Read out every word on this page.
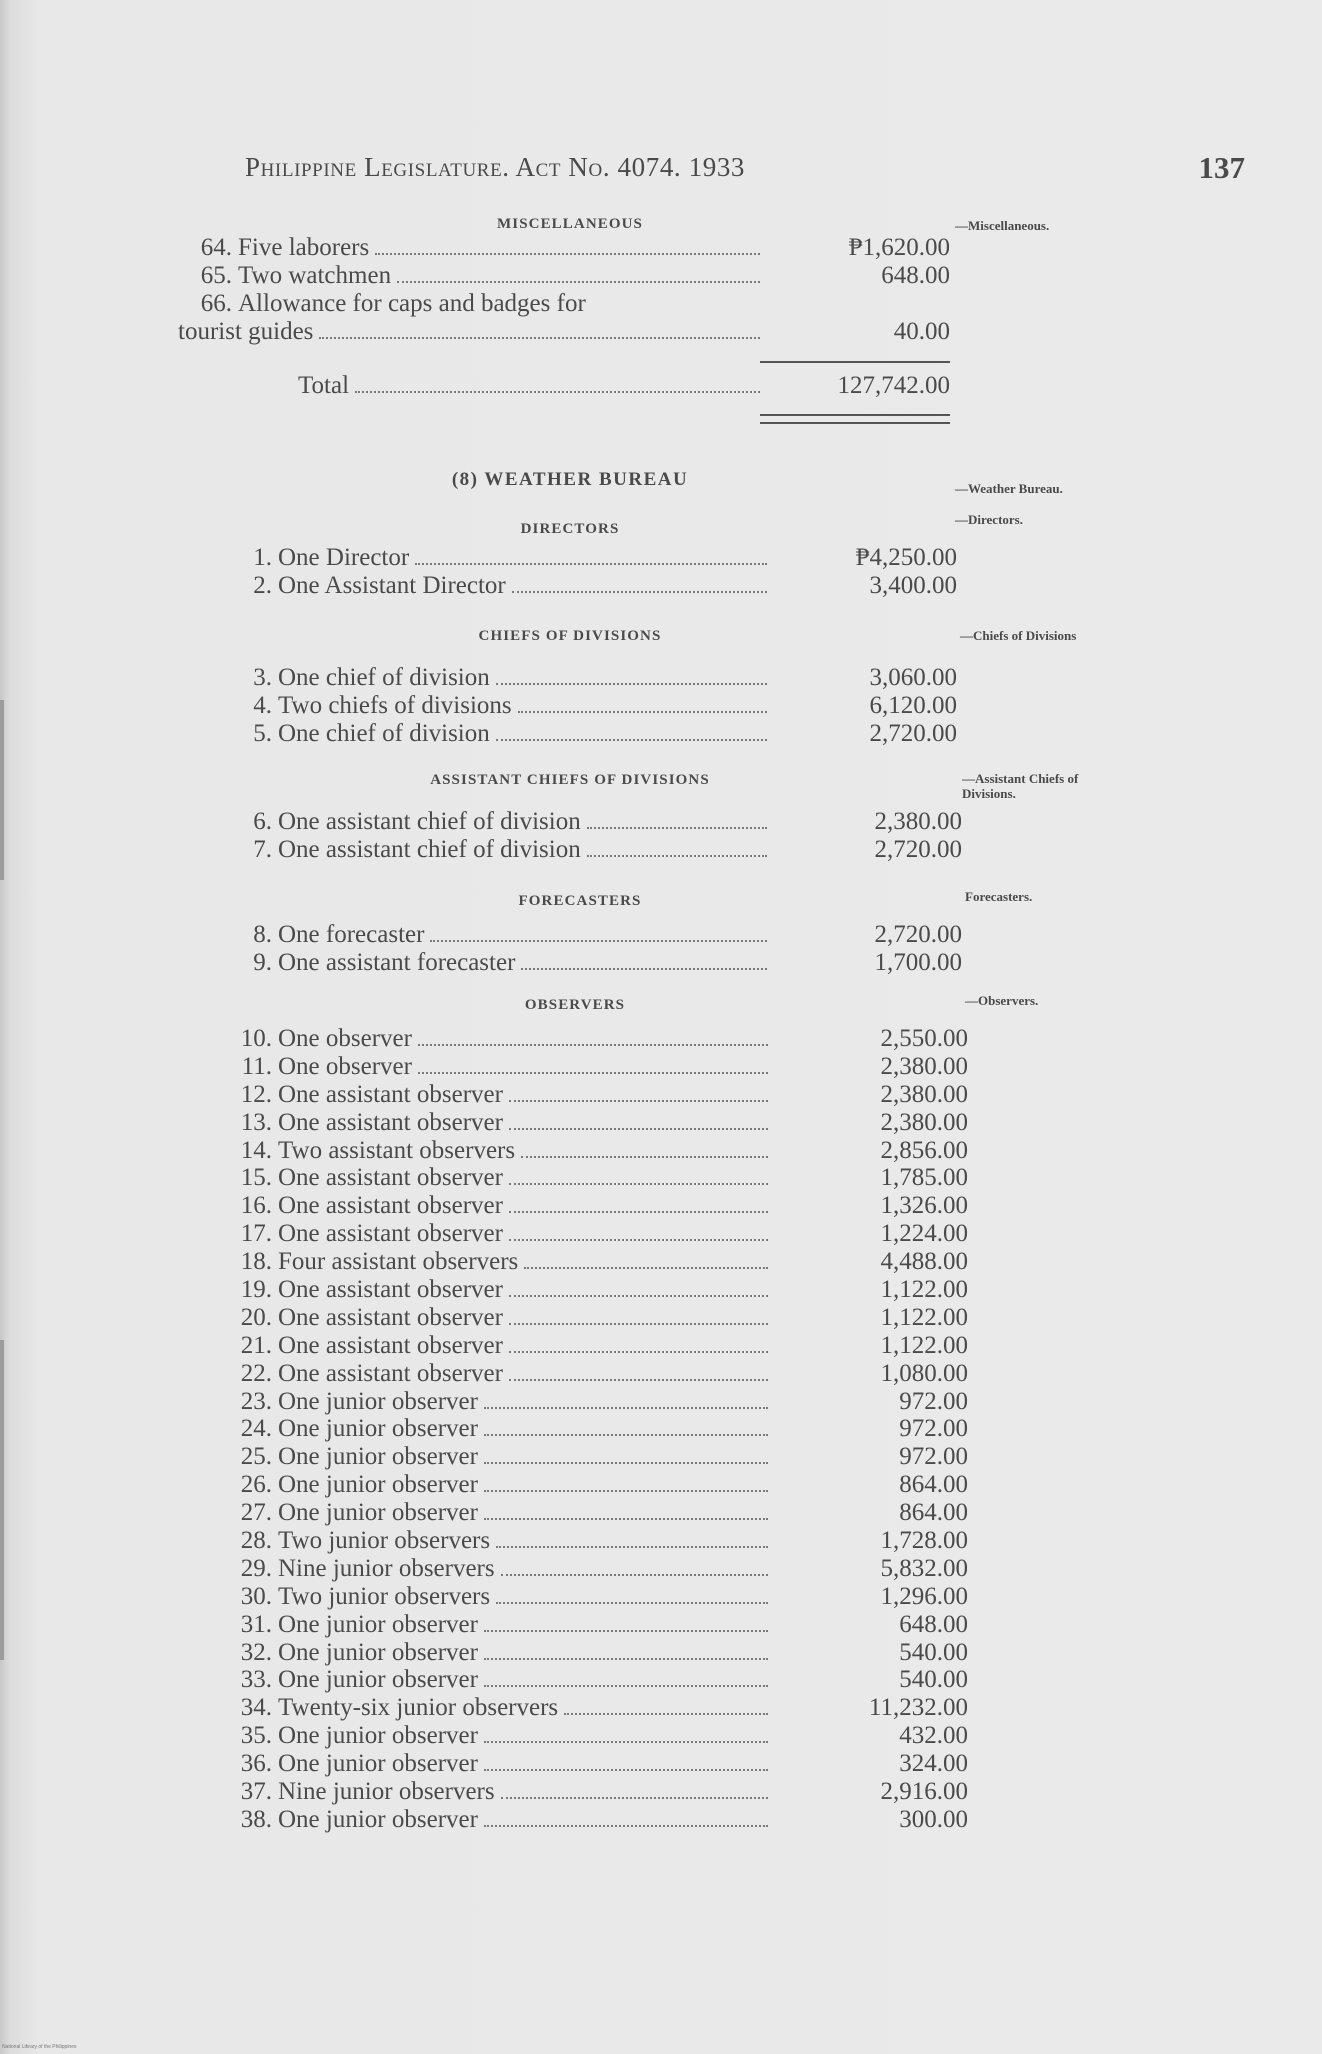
Philippine Legislature. Act No. 4074. 1933	137
MISCELLANEOUS	—Miscellaneous.
64. Five laborers	₱1,620.00
65. Two watchmen	648.00
66. Allowance for caps and badges for
tourist guides	40.00
Total	127,742.00
(8) WEATHER BUREAU	—Weather Bureau.
DIRECTORS
—Directors.
1. One Director	₱4,250.00
2. One Assistant Director	3,400.00
CHIEFS OF DIVISIONS	—Chiefs of Divisions
3. One chief of division	3,060.00
4. Two chiefs of divisions	6,120.00
5. One chief of division	2,720.00
ASSISTANT CHIEFS OF DIVISIONS	—Assistant Chiefs of
Divisions.
6. One assistant chief of division	2,380.00
7. One assistant chief of division	2,720.00
FORECASTERS	Forecasters.
8. One forecaster	2,720.00
9. One assistant forecaster	1,700.00
OBSERVERS	—Observers.
10. One observer	2,550.00
11. One observer	2,380.00
12. One assistant observer	2,380.00
13. One assistant observer	2,380.00
14. Two assistant observers	2,856.00
15. One assistant observer	1,785.00
16. One assistant observer	1,326.00
17. One assistant observer	1,224.00
18. Four assistant observers	4,488.00
19. One assistant observer	1,122.00
20. One assistant observer	1,122.00
21. One assistant observer	1,122.00
22. One assistant observer	1,080.00
23. One junior observer	972.00
24. One junior observer	972.00
25. One junior observer	972.00
26. One junior observer	864.00
27. One junior observer	864.00
28. Two junior observers	1,728.00
29. Nine junior observers	5,832.00
30. Two junior observers	1,296.00
31. One junior observer	648.00
32. One junior observer	540.00
33. One junior observer	540.00
34. Twenty-six junior observers	11,232.00
35. One junior observer	432.00
36. One junior observer	324.00
37. Nine junior observers	2,916.00
38. One junior observer	300.00
National Library of the Philippines
